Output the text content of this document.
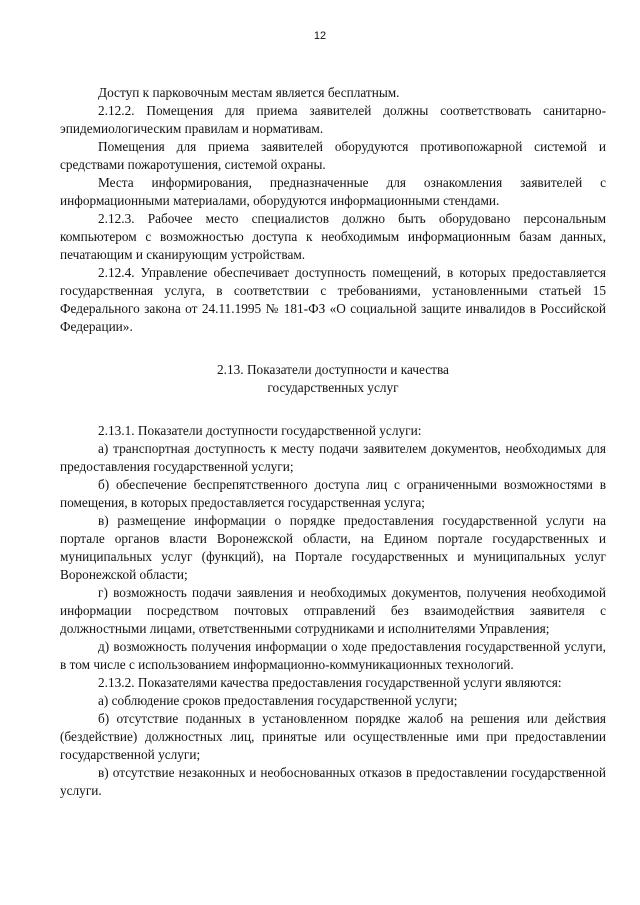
12

Доступ к парковочным местам является бесплатным.

2.12.2. Помещения для приема заявителей должны соответствовать санитарно-эпидемиологическим правилам и нормативам.

Помещения для приема заявителей оборудуются противопожарной системой и средствами пожаротушения, системой охраны.

Места информирования, предназначенные для ознакомления заявителей с информационными материалами, оборудуются информационными стендами.

2.12.3. Рабочее место специалистов должно быть оборудовано персональным компьютером с возможностью доступа к необходимым информационным базам данных, печатающим и сканирующим устройствам.

2.12.4. Управление обеспечивает доступность помещений, в которых предоставляется государственная услуга, в соответствии с требованиями, установленными статьей 15 Федерального закона от 24.11.1995 № 181-ФЗ «О социальной защите инвалидов в Российской Федерации».

2.13. Показатели доступности и качества
государственных услуг

2.13.1. Показатели доступности государственной услуги:

а) транспортная доступность к месту подачи заявителем документов, необходимых для предоставления государственной услуги;

б) обеспечение беспрепятственного доступа лиц с ограниченными возможностями в помещения, в которых предоставляется государственная услуга;

в) размещение информации о порядке предоставления государственной услуги на портале органов власти Воронежской области, на Едином портале государственных и муниципальных услуг (функций), на Портале государственных и муниципальных услуг Воронежской области;

г) возможность подачи заявления и необходимых документов, получения необходимой информации посредством почтовых отправлений без взаимодействия заявителя с должностными лицами, ответственными сотрудниками и исполнителями Управления;

д) возможность получения информации о ходе предоставления государственной услуги, в том числе с использованием информационно-коммуникационных технологий.

2.13.2. Показателями качества предоставления государственной услуги являются:

а) соблюдение сроков предоставления государственной услуги;

б) отсутствие поданных в установленном порядке жалоб на решения или действия (бездействие) должностных лиц, принятые или осуществленные ими при предоставлении государственной услуги;

в) отсутствие незаконных и необоснованных отказов в предоставлении государственной услуги.
